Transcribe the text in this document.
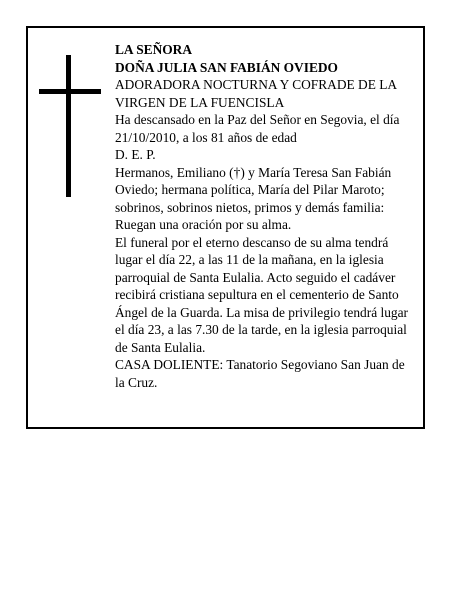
LA SEÑORA

DOÑA JULIA SAN FABIÁN OVIEDO

ADORADORA NOCTURNA Y COFRADE DE LA VIRGEN DE LA FUENCISLA

Ha descansado en la Paz del Señor en Segovia, el día 21/10/2010, a los 81 años de edad

D. E. P.

Hermanos, Emiliano (†) y María Teresa San Fabián Oviedo; hermana política, María del Pilar Maroto; sobrinos, sobrinos nietos, primos y demás familia:

Ruegan una oración por su alma.

El funeral por el eterno descanso de su alma tendrá lugar el día 22, a las 11 de la mañana, en la iglesia parroquial de Santa Eulalia. Acto seguido el cadáver recibirá cristiana sepultura en el cementerio de Santo Ángel de la Guarda. La misa de privilegio tendrá lugar el día 23, a las 7.30 de la tarde, en la iglesia parroquial de Santa Eulalia.

CASA DOLIENTE: Tanatorio Segoviano San Juan de la Cruz.
